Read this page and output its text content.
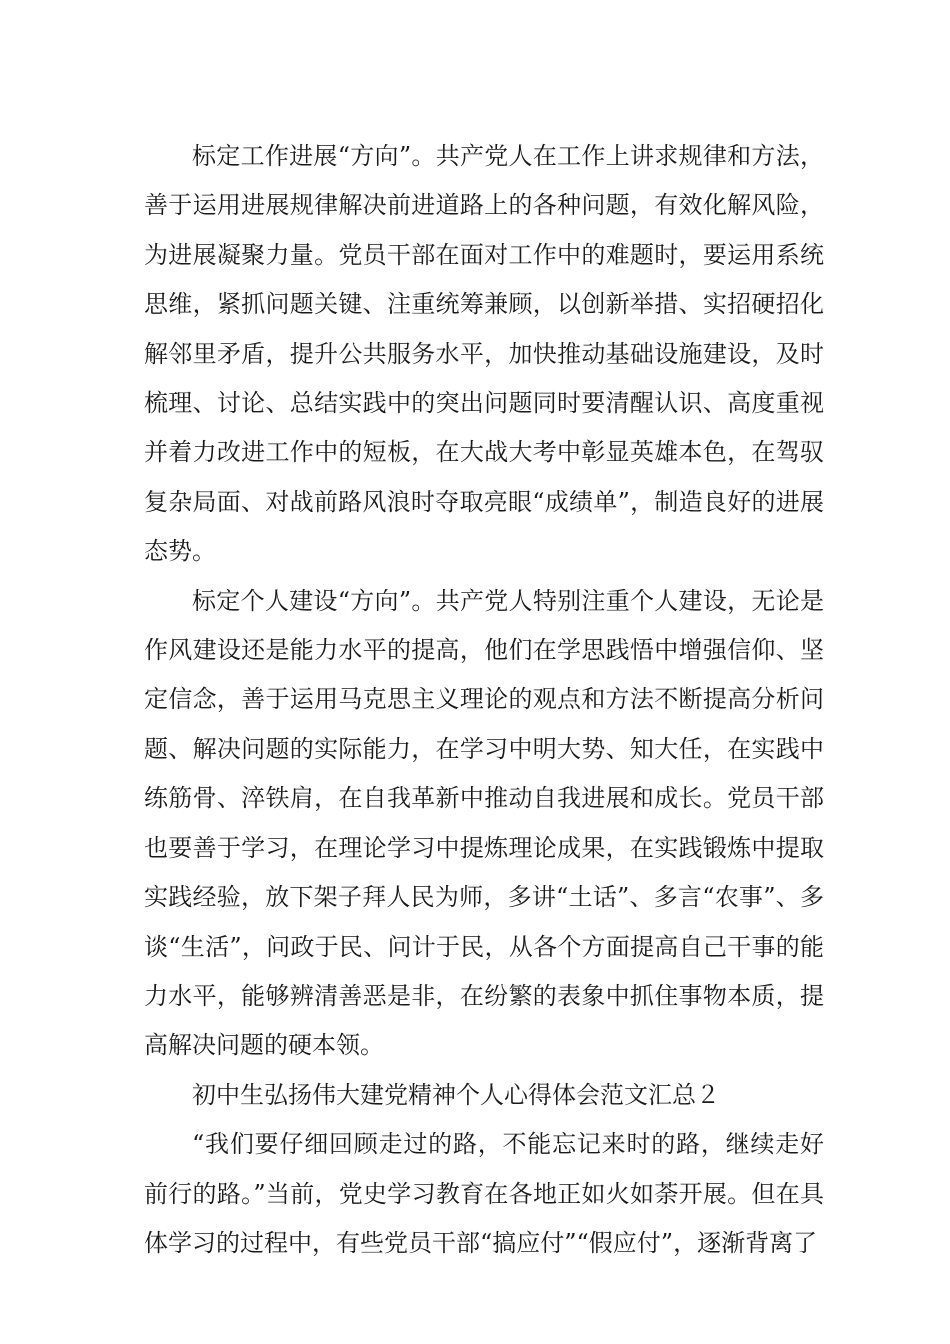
标定工作进展“方向”。共产党人在工作上讲求规律和方法，善于运用进展规律解决前进道路上的各种问题，有效化解风险，为进展凝聚力量。党员干部在面对工作中的难题时，要运用系统思维，紧抓问题关键、注重统筹兼顾，以创新举措、实招硬招化解邻里矛盾，提升公共服务水平，加快推动基础设施建设，及时梳理、讨论、总结实践中的突出问题同时要清醒认识、高度重视并着力改进工作中的短板，在大战大考中彰显英雄本色，在驾驭复杂局面、对战前路风浪时夺取亮眼“成绩单”，制造良好的进展态势。

标定个人建设“方向”。共产党人特别注重个人建设，无论是作风建设还是能力水平的提高，他们在学思践悟中增强信仰、坚定信念，善于运用马克思主义理论的观点和方法不断提高分析问题、解决问题的实际能力，在学习中明大势、知大任，在实践中练筋骨、淬铁肩，在自我革新中推动自我进展和成长。党员干部也要善于学习，在理论学习中提炼理论成果，在实践锻炼中提取实践经验，放下架子拜人民为师，多讲“土话”、多言“农事”、多谈“生活”，问政于民、问计于民，从各个方面提高自己干事的能力水平，能够辨清善恶是非，在纷繁的表象中抓住事物本质，提高解决问题的硬本领。

初中生弘扬伟大建党精神个人心得体会范文汇总２

“我们要仔细回顾走过的路，不能忘记来时的路，继续走好前行的路。”当前，党史学习教育在各地正如火如荼开展。但在具体学习的过程中，有些党员干部“搞应付”“假应付”，逐渐背离了
